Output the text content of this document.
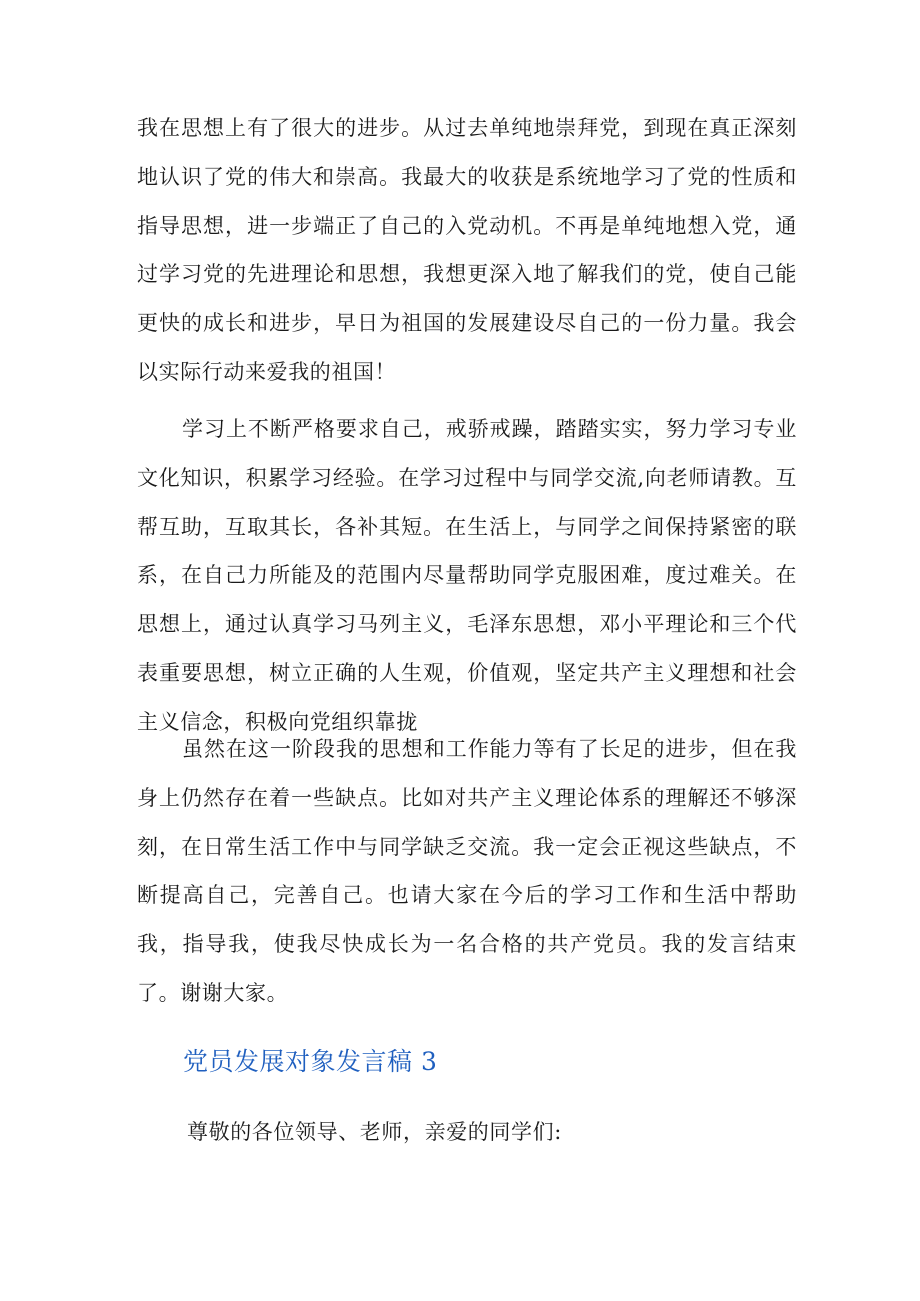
我在思想上有了很大的进步。从过去单纯地崇拜党，到现在真正深刻地认识了党的伟大和崇高。我最大的收获是系统地学习了党的性质和指导思想，进一步端正了自己的入党动机。不再是单纯地想入党，通过学习党的先进理论和思想，我想更深入地了解我们的党，使自己能更快的成长和进步，早日为祖国的发展建设尽自己的一份力量。我会以实际行动来爱我的祖国！

学习上不断严格要求自己，戒骄戒躁，踏踏实实，努力学习专业文化知识，积累学习经验。在学习过程中与同学交流,向老师请教。互帮互助，互取其长，各补其短。在生活上，与同学之间保持紧密的联系，在自己力所能及的范围内尽量帮助同学克服困难，度过难关。在思想上，通过认真学习马列主义，毛泽东思想，邓小平理论和三个代表重要思想，树立正确的人生观，价值观，坚定共产主义理想和社会主义信念，积极向党组织靠拢

虽然在这一阶段我的思想和工作能力等有了长足的进步，但在我身上仍然存在着一些缺点。比如对共产主义理论体系的理解还不够深刻，在日常生活工作中与同学缺乏交流。我一定会正视这些缺点，不断提高自己，完善自己。也请大家在今后的学习工作和生活中帮助我，指导我，使我尽快成长为一名合格的共产党员。我的发言结束了。谢谢大家。

党员发展对象发言稿 3

尊敬的各位领导、老师，亲爱的同学们:
